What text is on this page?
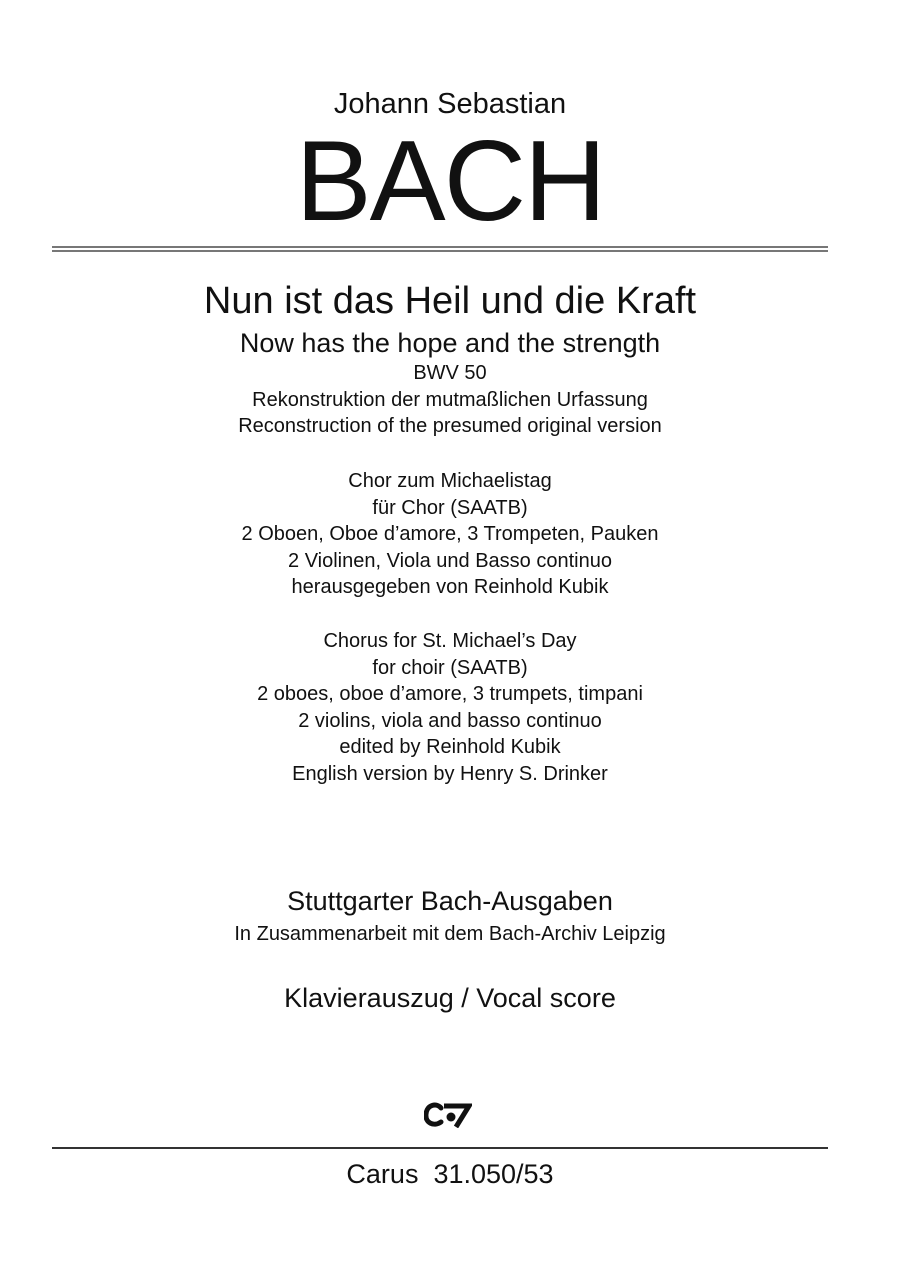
Johann Sebastian
BACH
Nun ist das Heil und die Kraft
Now has the hope and the strength
BWV 50
Rekonstruktion der mutmaßlichen Urfassung
Reconstruction of the presumed original version
Chor zum Michaelistag
für Chor (SAATB)
2 Oboen, Oboe d’amore, 3 Trompeten, Pauken
2 Violinen, Viola und Basso continuo
herausgegeben von Reinhold Kubik
Chorus for St. Michael’s Day
for choir (SAATB)
2 oboes, oboe d’amore, 3 trumpets, timpani
2 violins, viola and basso continuo
edited by Reinhold Kubik
English version by Henry S. Drinker
Stuttgarter Bach-Ausgaben
In Zusammenarbeit mit dem Bach-Archiv Leipzig
Klavierauszug / Vocal score
Carus  31.050/53
